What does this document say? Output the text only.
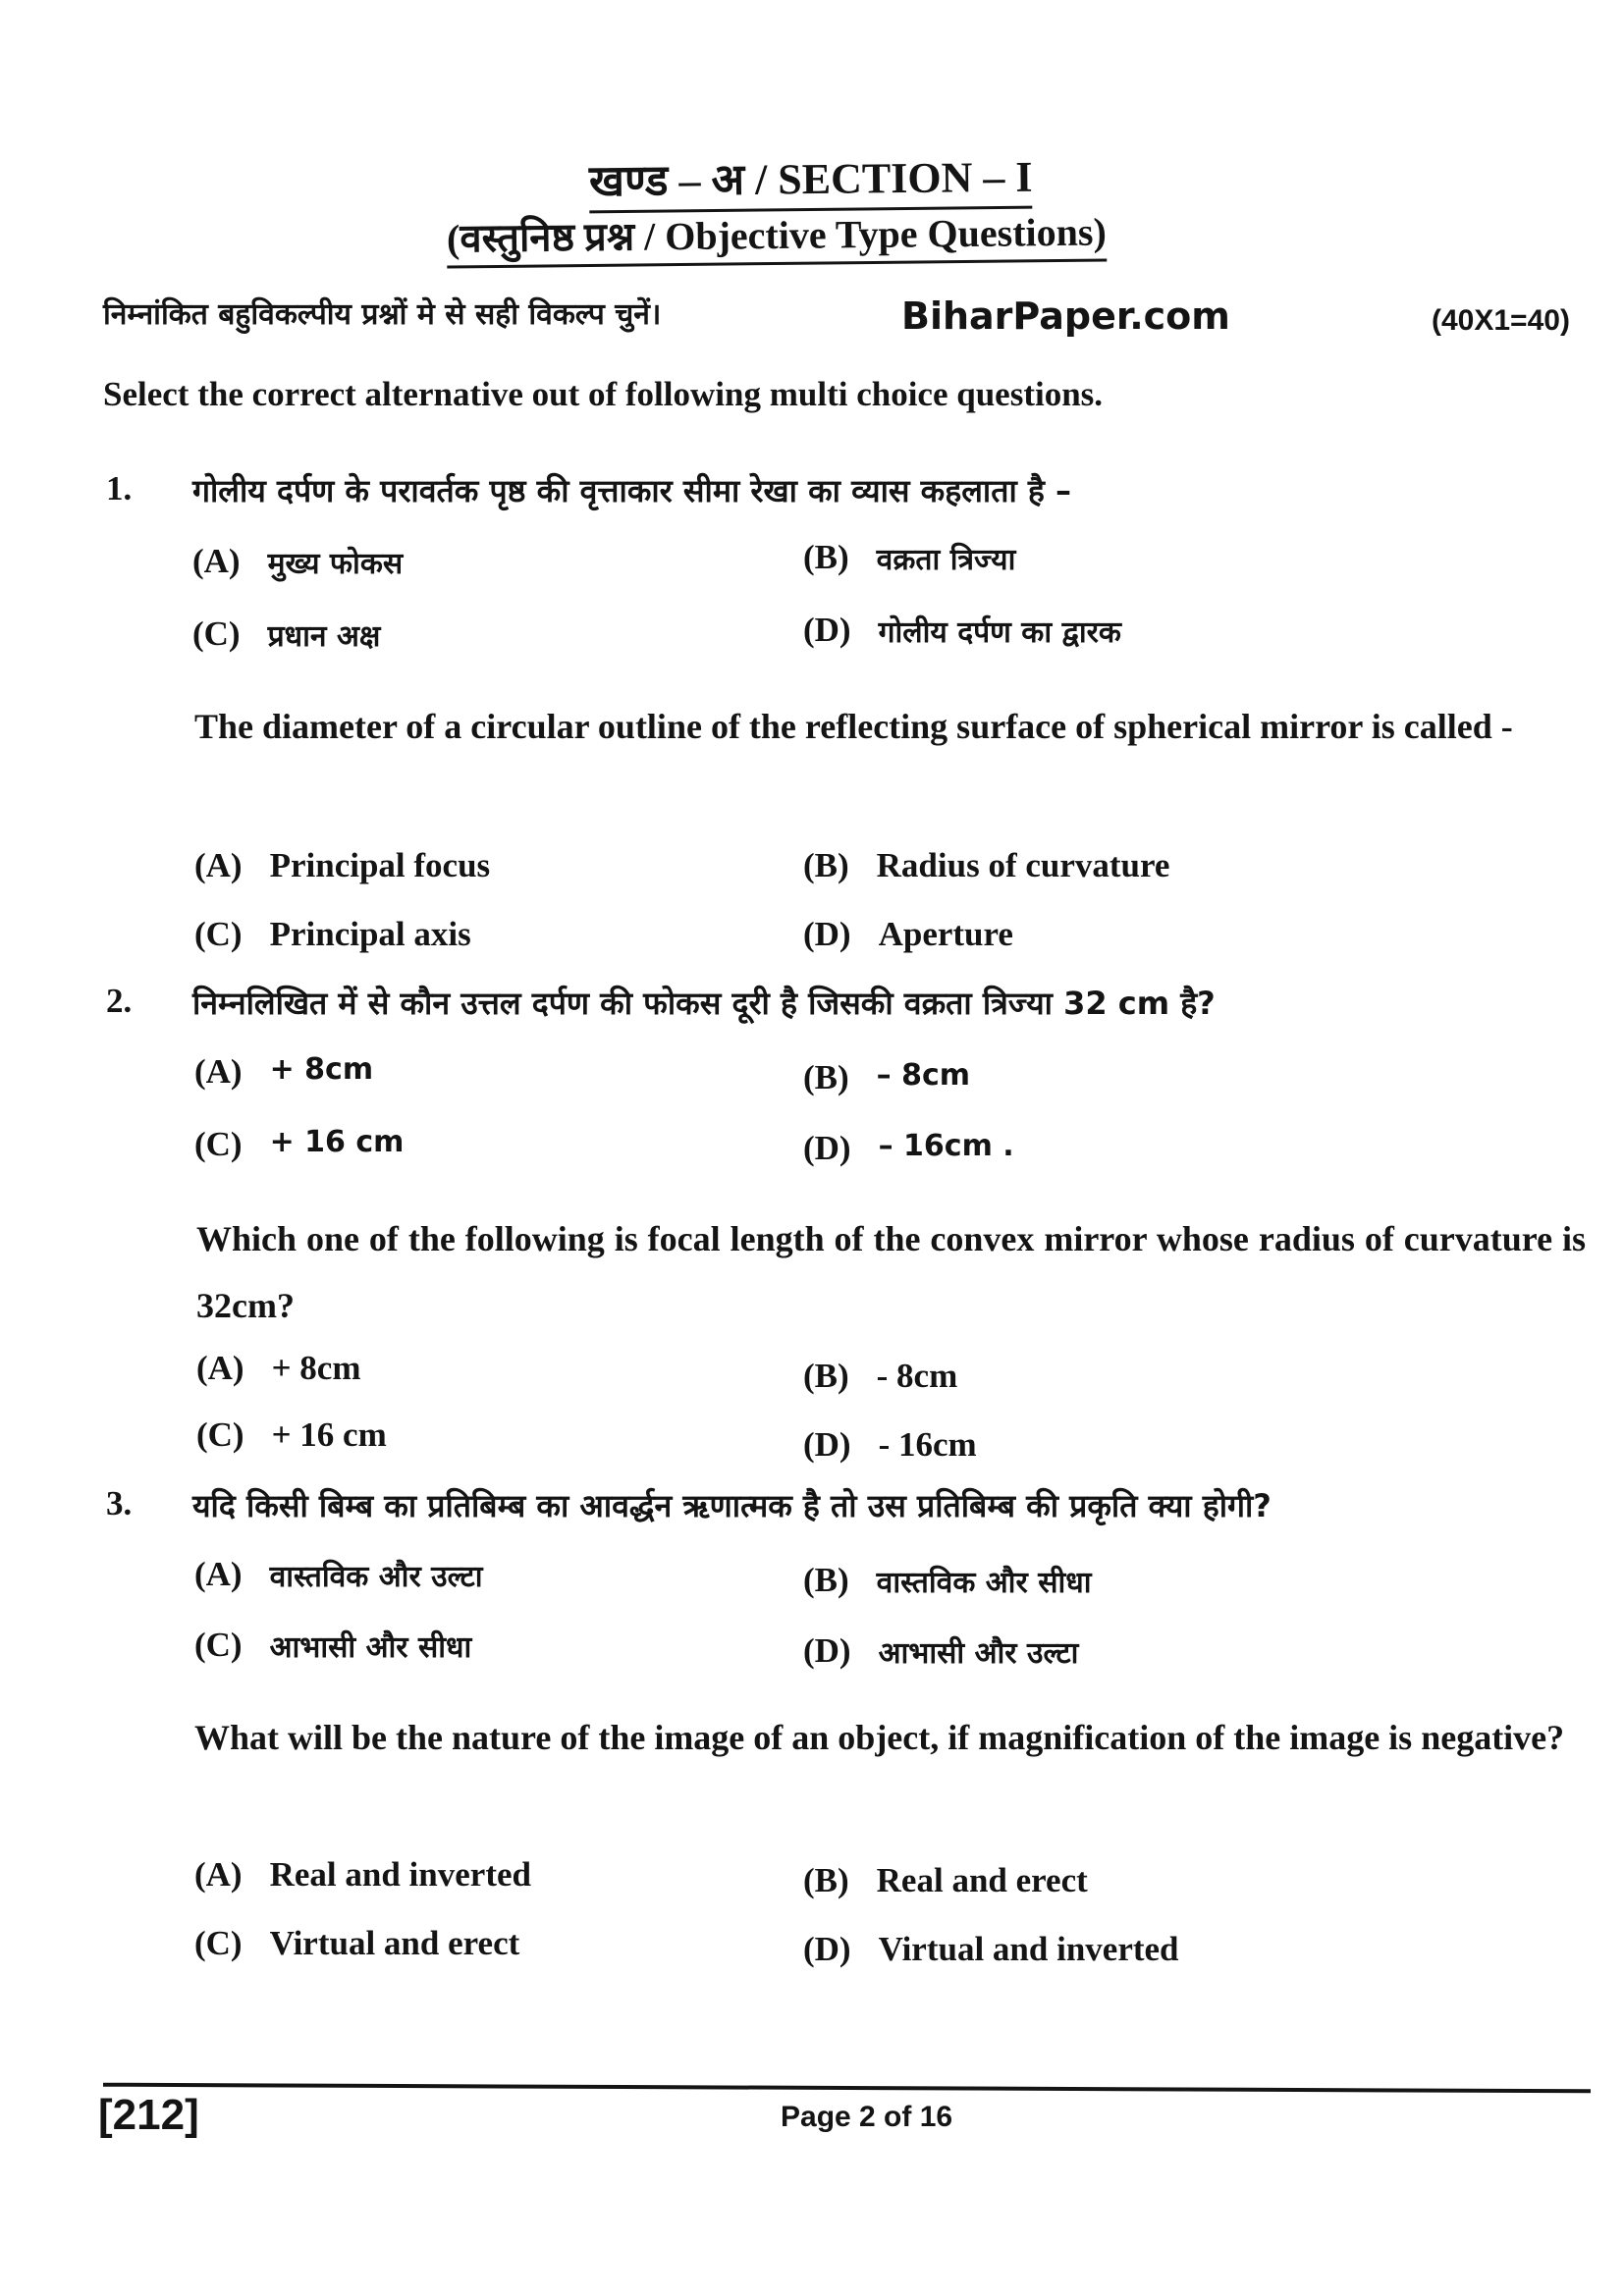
खण्ड – अ / SECTION – I
(वस्तुनिष्ठ प्रश्न / Objective Type Questions)
निम्नांकित बहुविकल्पीय प्रश्नों मे से सही विकल्प चुनें।	BiharPaper.com	(40X1=40)
Select the correct alternative out of following multi choice questions.
1. गोलीय दर्पण के परावर्तक पृष्ठ की वृत्ताकार सीमा रेखा का व्यास कहलाता है –
(A) मुख्य फोकस	(B) वक्रता त्रिज्या
(C) प्रधान अक्ष	(D) गोलीय दर्पण का द्वारक
The diameter of a circular outline of the reflecting surface of spherical mirror is called -
(A) Principal focus	(B) Radius of curvature
(C) Principal axis	(D) Aperture
2. निम्नलिखित में से कौन उत्तल दर्पण की फोकस दूरी है जिसकी वक्रता त्रिज्या 32 cm है?
(A) + 8cm	(B) – 8cm
(C) + 16 cm	(D) – 16cm .
Which one of the following is focal length of the convex mirror whose radius of curvature is 32cm?
(A) + 8cm	(B) - 8cm
(C) + 16 cm	(D) - 16cm
3. यदि किसी बिम्ब का प्रतिबिम्ब का आवर्द्धन ऋणात्मक है तो उस प्रतिबिम्ब की प्रकृति क्या होगी?
(A) वास्तविक और उल्टा	(B) वास्तविक और सीधा
(C) आभासी और सीधा	(D) आभासी और उल्टा
What will be the nature of the image of an object, if magnification of the image is negative?
(A) Real and inverted	(B) Real and erect
(C) Virtual and erect	(D) Virtual and inverted
[212]	Page 2 of 16
